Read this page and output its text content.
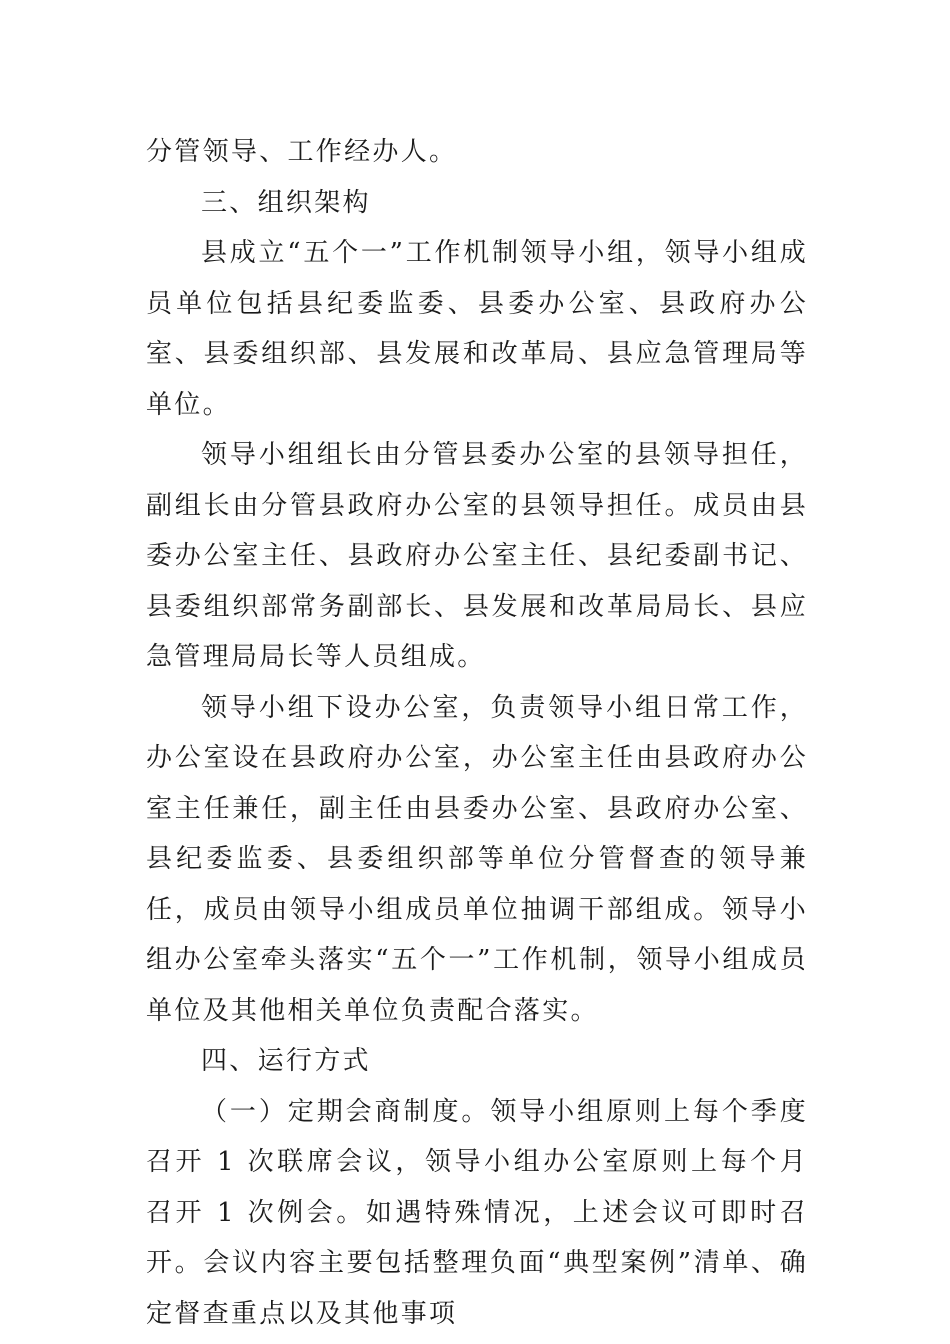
分管领导、工作经办人。

三、组织架构

县成立“五个一”工作机制领导小组，领导小组成员单位包括县纪委监委、县委办公室、县政府办公室、县委组织部、县发展和改革局、县应急管理局等单位。

领导小组组长由分管县委办公室的县领导担任，副组长由分管县政府办公室的县领导担任。成员由县委办公室主任、县政府办公室主任、县纪委副书记、县委组织部常务副部长、县发展和改革局局长、县应急管理局局长等人员组成。

领导小组下设办公室，负责领导小组日常工作，办公室设在县政府办公室，办公室主任由县政府办公室主任兼任，副主任由县委办公室、县政府办公室、县纪委监委、县委组织部等单位分管督查的领导兼任，成员由领导小组成员单位抽调干部组成。领导小组办公室牵头落实“五个一”工作机制，领导小组成员单位及其他相关单位负责配合落实。

四、运行方式

（一）定期会商制度。领导小组原则上每个季度召开 1 次联席会议，领导小组办公室原则上每个月召开 1 次例会。如遇特殊情况，上述会议可即时召开。会议内容主要包括整理负面“典型案例”清单、确定督查重点以及其他事项
